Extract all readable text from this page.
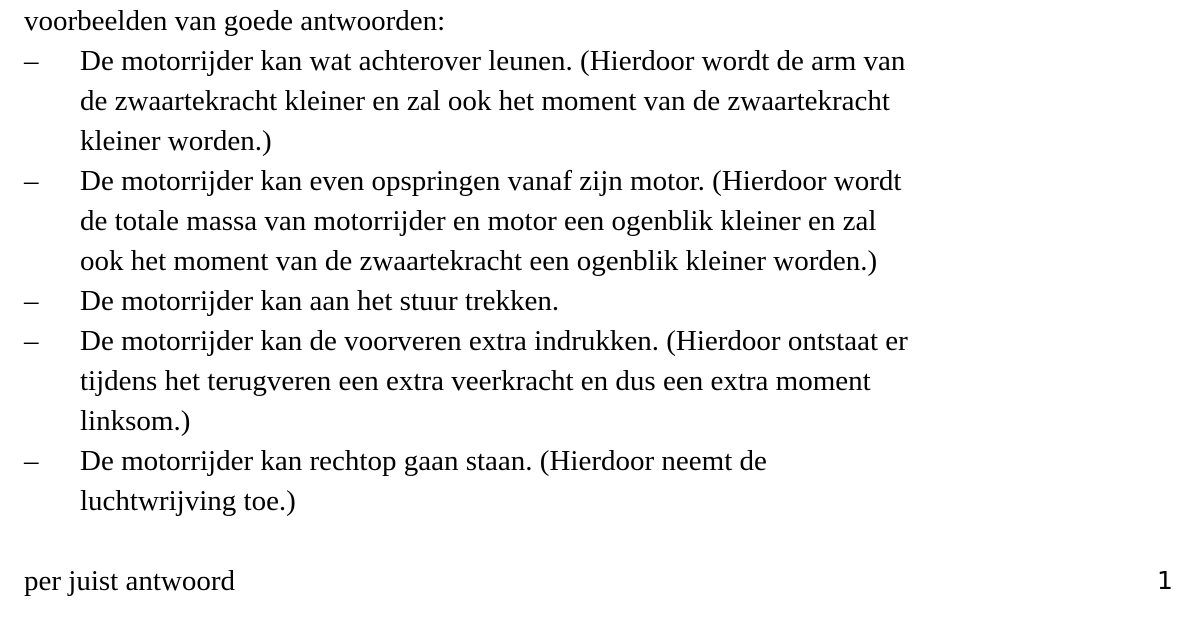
voorbeelden van goede antwoorden:

–	De motorrijder kan wat achterover leunen. (Hierdoor wordt de arm van
de zwaartekracht kleiner en zal ook het moment van de zwaartekracht
kleiner worden.)
–	De motorrijder kan even opspringen vanaf zijn motor. (Hierdoor wordt
de totale massa van motorrijder en motor een ogenblik kleiner en zal
ook het moment van de zwaartekracht een ogenblik kleiner worden.)
–	De motorrijder kan aan het stuur trekken.
–	De motorrijder kan de voorveren extra indrukken. (Hierdoor ontstaat er
tijdens het terugveren een extra veerkracht en dus een extra moment
linksom.)
–	De motorrijder kan rechtop gaan staan. (Hierdoor neemt de
luchtwrijving toe.)
per juist antwoord	1
